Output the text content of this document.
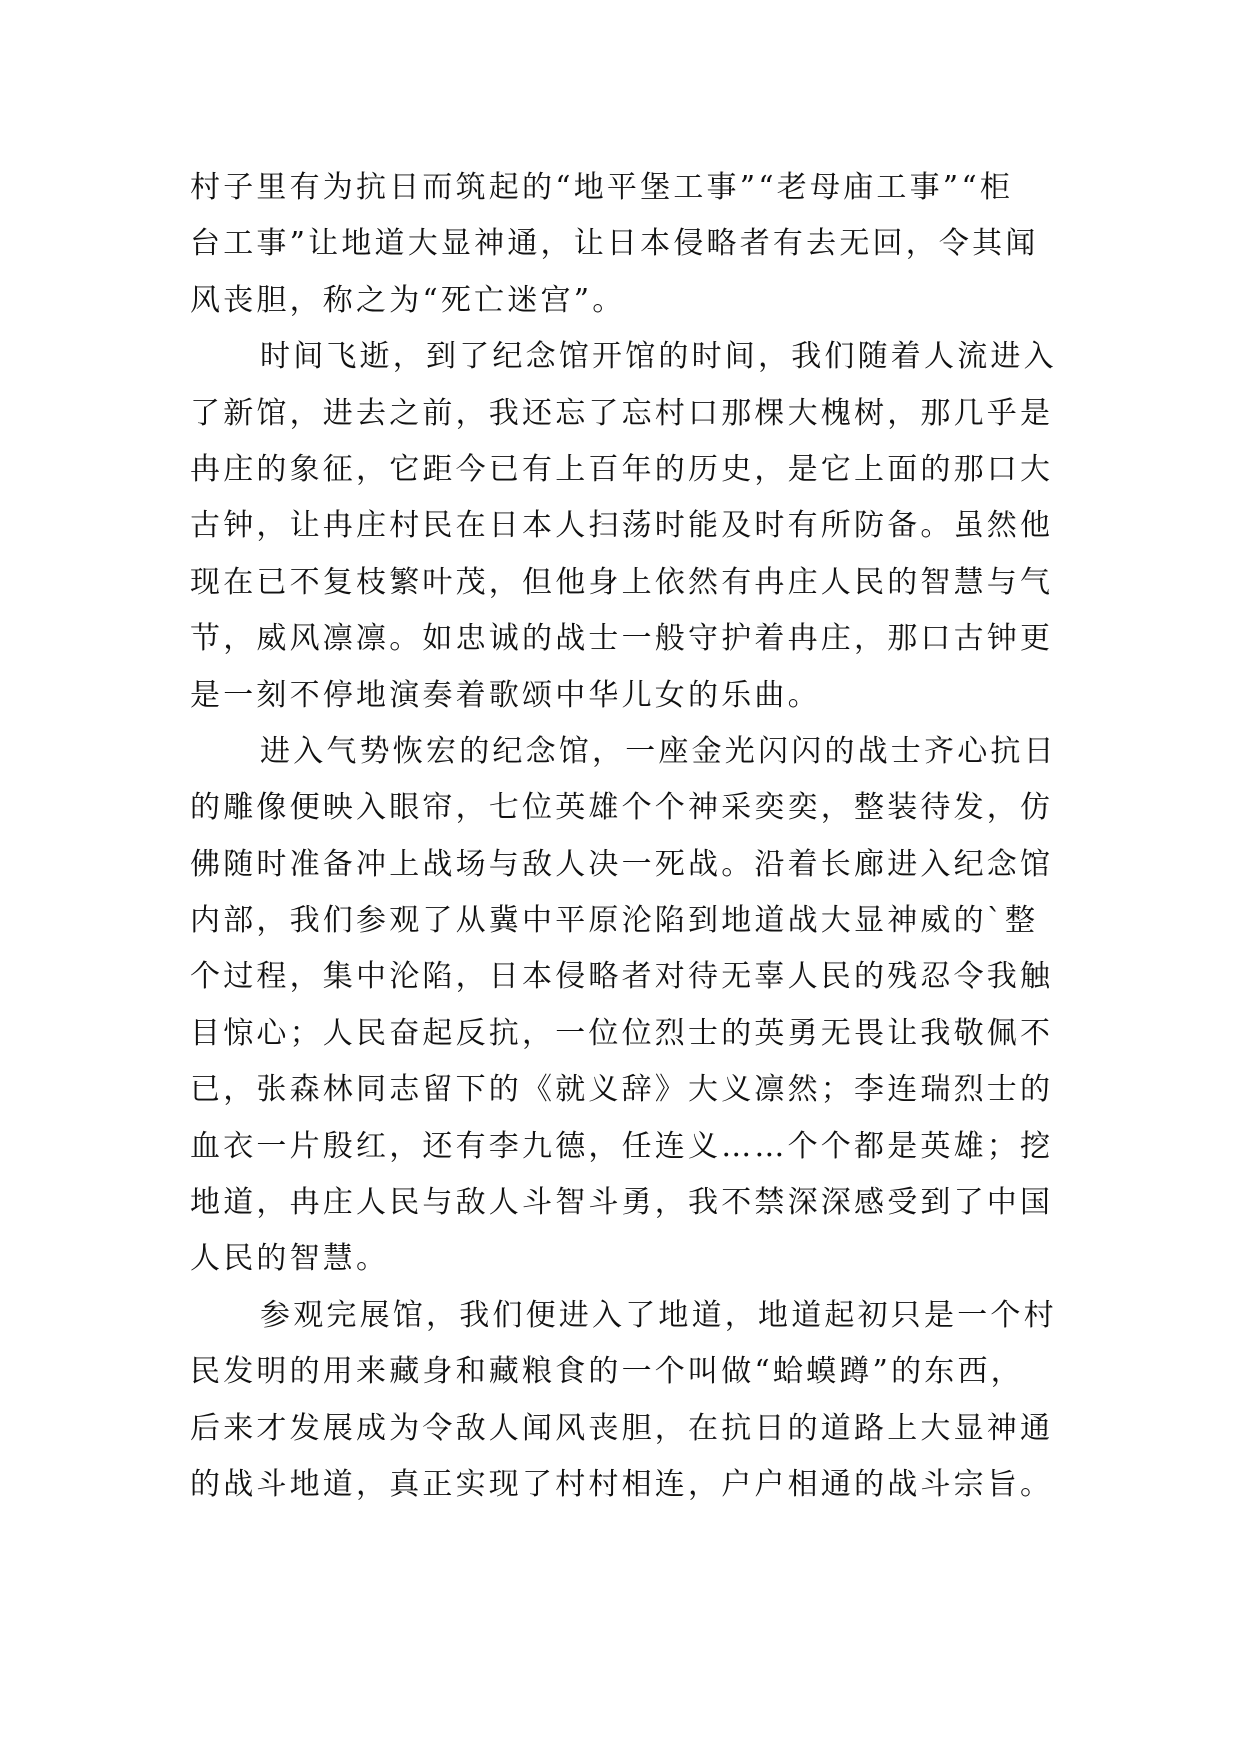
村子里有为抗日而筑起的“地平堡工事”“老母庙工事”“柜
台工事”让地道大显神通，让日本侵略者有去无回，令其闻
风丧胆，称之为“死亡迷宫”。
时间飞逝，到了纪念馆开馆的时间，我们随着人流进入
了新馆，进去之前，我还忘了忘村口那棵大槐树，那几乎是
冉庄的象征，它距今已有上百年的历史，是它上面的那口大
古钟，让冉庄村民在日本人扫荡时能及时有所防备。虽然他
现在已不复枝繁叶茂，但他身上依然有冉庄人民的智慧与气
节，威风凛凛。如忠诚的战士一般守护着冉庄，那口古钟更
是一刻不停地演奏着歌颂中华儿女的乐曲。
进入气势恢宏的纪念馆，一座金光闪闪的战士齐心抗日
的雕像便映入眼帘，七位英雄个个神采奕奕，整装待发，仿
佛随时准备冲上战场与敌人决一死战。沿着长廊进入纪念馆
内部，我们参观了从冀中平原沦陷到地道战大显神威的`整
个过程，集中沦陷，日本侵略者对待无辜人民的残忍令我触
目惊心；人民奋起反抗，一位位烈士的英勇无畏让我敬佩不
已，张森林同志留下的《就义辞》大义凛然；李连瑞烈士的
血衣一片殷红，还有李九德，任连义……个个都是英雄；挖
地道，冉庄人民与敌人斗智斗勇，我不禁深深感受到了中国
人民的智慧。
参观完展馆，我们便进入了地道，地道起初只是一个村
民发明的用来藏身和藏粮食的一个叫做“蛤蟆蹲”的东西，
后来才发展成为令敌人闻风丧胆，在抗日的道路上大显神通
的战斗地道，真正实现了村村相连，户户相通的战斗宗旨。
